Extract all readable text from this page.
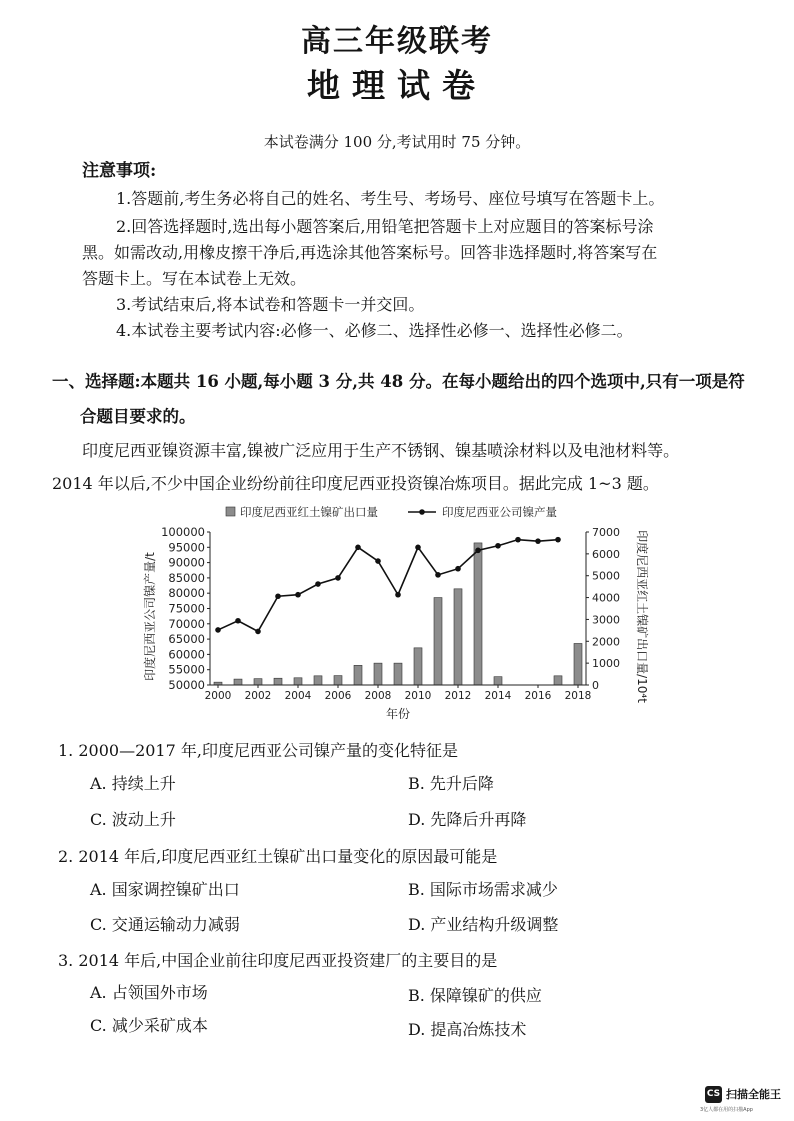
高三年级联考
地理试卷
本试卷满分 100 分,考试用时 75 分钟。
注意事项:
1.答题前,考生务必将自己的姓名、考生号、考场号、座位号填写在答题卡上。
2.回答选择题时,选出每小题答案后,用铅笔把答题卡上对应题目的答案标号涂
黑。如需改动,用橡皮擦干净后,再选涂其他答案标号。回答非选择题时,将答案写在
答题卡上。写在本试卷上无效。
3.考试结束后,将本试卷和答题卡一并交回。
4.本试卷主要考试内容:必修一、必修二、选择性必修一、选择性必修二。
一、选择题:本题共 16 小题,每小题 3 分,共 48 分。在每小题给出的四个选项中,只有一项是符
合题目要求的。
印度尼西亚镍资源丰富,镍被广泛应用于生产不锈钢、镍基喷涂材料以及电池材料等。
2014 年以后,不少中国企业纷纷前往印度尼西亚投资镍冶炼项目。据此完成 1~3 题。
印度尼西亚红土镍矿出口量	印度尼西亚公司镍产量
100000
95000
90000
85000
80000
75000
70000
65000
60000
55000
50000
7000
6000
5000
4000
3000
2000
1000
0
2000 2002 2004 2006 2008 2010 2012 2014 2016 2018
年份
印度尼西亚公司镍产量/t	印度尼西亚红土镍矿出口量/10⁴t
1. 2000—2017 年,印度尼西亚公司镍产量的变化特征是
A. 持续上升	B. 先升后降
C. 波动上升	D. 先降后升再降
2. 2014 年后,印度尼西亚红土镍矿出口量变化的原因最可能是
A. 国家调控镍矿出口	B. 国际市场需求减少
C. 交通运输动力减弱	D. 产业结构升级调整
3. 2014 年后,中国企业前往印度尼西亚投资建厂的主要目的是
A. 占领国外市场	B. 保障镍矿的供应
C. 减少采矿成本	D. 提高冶炼技术
CS 扫描全能王
3亿人都在用的扫描App
